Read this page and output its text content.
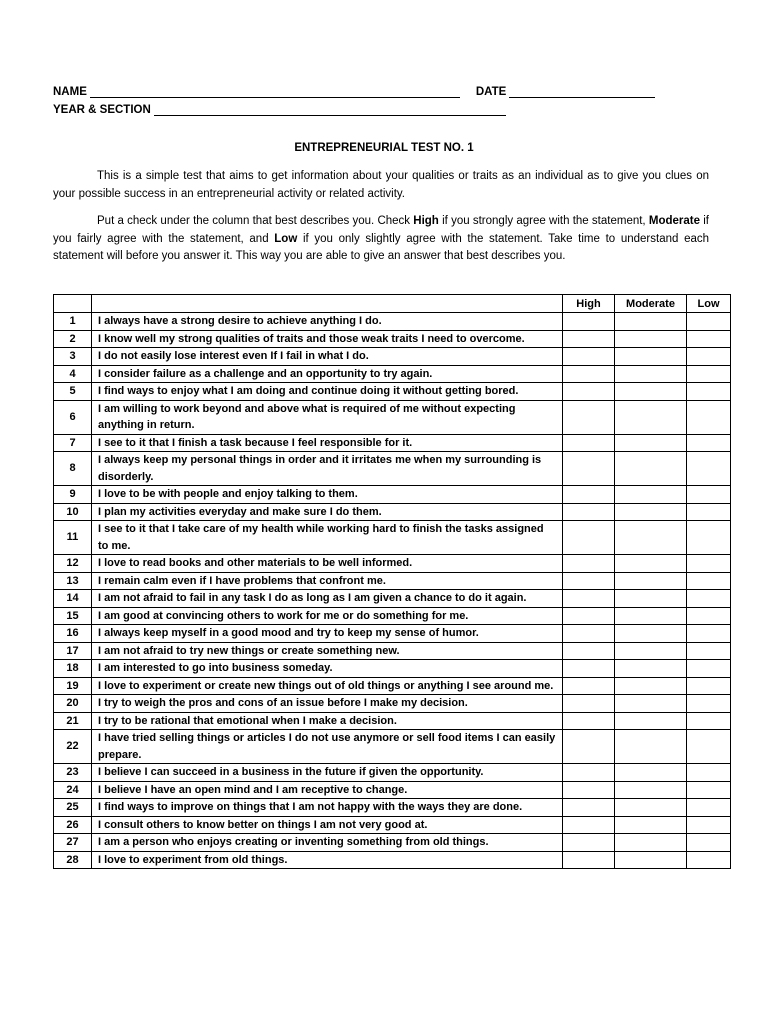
NAME	DATE
YEAR & SECTION
ENTREPRENEURIAL TEST NO. 1
This is a simple test that aims to get information about your qualities or traits as an individual as to give you clues on your possible success in an entrepreneurial activity or related activity.
Put a check under the column that best describes you. Check High if you strongly agree with the statement, Moderate if you fairly agree with the statement, and Low if you only slightly agree with the statement. Take time to understand each statement will before you answer it. This way you are able to give an answer that best describes you.
		High	Moderate	Low
1	I always have a strong desire to achieve anything I do.			
2	I know well my strong qualities of traits and those weak traits I need to overcome.			
3	I do not easily lose interest even If I fail in what I do.			
4	I consider failure as a challenge and an opportunity to try again.			
5	I find ways to enjoy what I am doing and continue doing it without getting bored.			
6	I am willing to work beyond and above what is required of me without expecting anything in return.			
7	I see to it that I finish a task because I feel responsible for it.			
8	I always keep my personal things in order and it irritates me when my surrounding is disorderly.			
9	I love to be with people and enjoy talking to them.			
10	I plan my activities everyday and make sure I do them.			
11	I see to it that I take care of my health while working hard to finish the tasks assigned to me.			
12	I love to read books and other materials to be well informed.			
13	I remain calm even if I have problems that confront me.			
14	I am not afraid to fail in any task I do as long as I am given a chance to do it again.			
15	I am good at convincing others to work for me or do something for me.			
16	I always keep myself in a good mood and try to keep my sense of humor.			
17	I am not afraid to try new things or create something new.			
18	I am interested to go into business someday.			
19	I love to experiment or create new things out of old things or anything I see around me.			
20	I try to weigh the pros and cons of an issue before I make my decision.			
21	I try to be rational that emotional when I make a decision.			
22	I have tried selling things or articles I do not use anymore or sell food items I can easily prepare.			
23	I believe I can succeed in a business in the future if given the opportunity.			
24	I believe I have an open mind and I am receptive to change.			
25	I find ways to improve on things that I am not happy with the ways they are done.			
26	I consult others to know better on things I am not very good at.			
27	I am a person who enjoys creating or inventing something from old things.			
28	I love to experiment from old things.			
